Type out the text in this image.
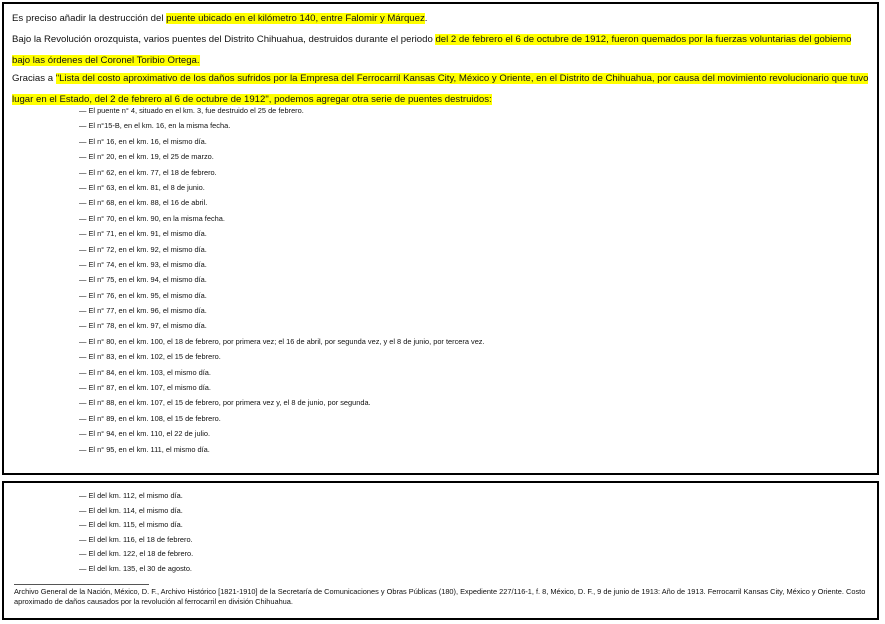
Es preciso añadir la destrucción del puente ubicado en el kilómetro 140, entre Falomir y Márquez.
Bajo la Revolución orozquista, varios puentes del Distrito Chihuahua, destruidos durante el periodo del 2 de febrero el 6 de octubre de 1912, fueron quemados por la fuerzas voluntarias del gobierno bajo las órdenes del Coronel Toribio Ortega.
Gracias a "Lista del costo aproximativo de los daños sufridos por la Empresa del Ferrocarril Kansas City, México y Oriente, en el Distrito de Chihuahua, por causa del movimiento revolucionario que tuvo lugar en el Estado, del 2 de febrero al 6 de octubre de 1912", podemos agregar otra serie de puentes destruidos:
— El puente n° 4, situado en el km. 3, fue destruido el 25 de febrero.
— El n°15-B, en el km. 16, en la misma fecha.
— El n° 16, en el km. 16, el mismo día.
— El n° 20, en el km. 19, el 25 de marzo.
— El n° 62, en el km. 77, el 18 de febrero.
— El n° 63, en el km. 81, el 8 de junio.
— El n° 68, en el km. 88, el 16 de abril.
— El n° 70, en el km. 90, en la misma fecha.
— El n° 71, en el km. 91, el mismo día.
— El n° 72, en el km. 92, el mismo día.
— El n° 74, en el km. 93, el mismo día.
— El n° 75, en el km. 94, el mismo día.
— El n° 76, en el km. 95, el mismo día.
— El n° 77, en el km. 96, el mismo día.
— El n° 78, en el km. 97, el mismo día.
— El n° 80, en el km. 100, el 18 de febrero, por primera vez; el 16 de abril, por segunda vez, y el 8 de junio, por tercera vez.
— El n° 83, en el km. 102, el 15 de febrero.
— El n° 84, en el km. 103, el mismo día.
— El n° 87, en el km. 107, el mismo día.
— El n° 88, en el km. 107, el 15 de febrero, por primera vez y, el 8 de junio, por segunda.
— El n° 89, en el km. 108, el 15 de febrero.
— El n° 94, en el km. 110, el 22 de julio.
— El n° 95, en el km. 111, el mismo día.
— El del km. 112, el mismo día.
— El del km. 114, el mismo día.
— El del km. 115, el mismo día.
— El del km. 116, el 18 de febrero.
— El del km. 122, el 18 de febrero.
— El del km. 135, el 30 de agosto.
Archivo General de la Nación, México, D. F., Archivo Histórico [1821-1910] de la Secretaría de Comunicaciones y Obras Públicas (180), Expediente 227/116-1, f. 8, México, D. F., 9 de junio de 1913: Año de 1913. Ferrocarril Kansas City, México y Oriente. Costo aproximado de daños causados por la revolución al ferrocarril en división Chihuahua.
